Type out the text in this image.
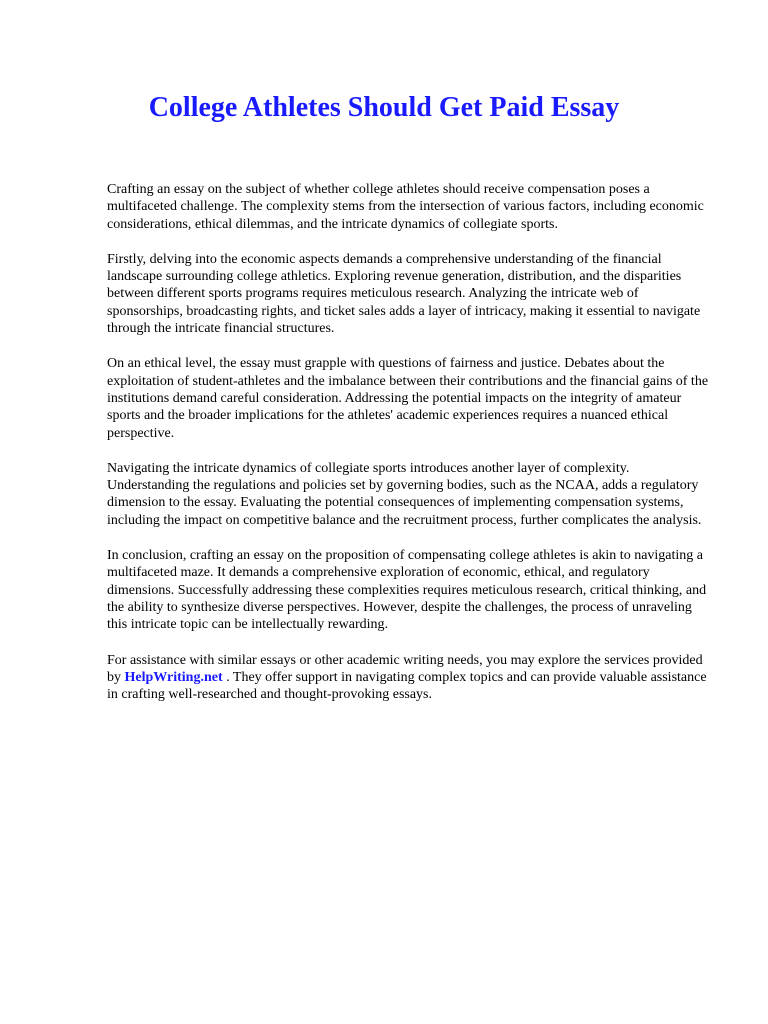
College Athletes Should Get Paid Essay

Crafting an essay on the subject of whether college athletes should receive compensation poses a multifaceted challenge. The complexity stems from the intersection of various factors, including economic considerations, ethical dilemmas, and the intricate dynamics of collegiate sports.

Firstly, delving into the economic aspects demands a comprehensive understanding of the financial landscape surrounding college athletics. Exploring revenue generation, distribution, and the disparities between different sports programs requires meticulous research. Analyzing the intricate web of sponsorships, broadcasting rights, and ticket sales adds a layer of intricacy, making it essential to navigate through the intricate financial structures.

On an ethical level, the essay must grapple with questions of fairness and justice. Debates about the exploitation of student-athletes and the imbalance between their contributions and the financial gains of the institutions demand careful consideration. Addressing the potential impacts on the integrity of amateur sports and the broader implications for the athletes' academic experiences requires a nuanced ethical perspective.

Navigating the intricate dynamics of collegiate sports introduces another layer of complexity. Understanding the regulations and policies set by governing bodies, such as the NCAA, adds a regulatory dimension to the essay. Evaluating the potential consequences of implementing compensation systems, including the impact on competitive balance and the recruitment process, further complicates the analysis.

In conclusion, crafting an essay on the proposition of compensating college athletes is akin to navigating a multifaceted maze. It demands a comprehensive exploration of economic, ethical, and regulatory dimensions. Successfully addressing these complexities requires meticulous research, critical thinking, and the ability to synthesize diverse perspectives. However, despite the challenges, the process of unraveling this intricate topic can be intellectually rewarding.

For assistance with similar essays or other academic writing needs, you may explore the services provided by HelpWriting.net . They offer support in navigating complex topics and can provide valuable assistance in crafting well-researched and thought-provoking essays.
